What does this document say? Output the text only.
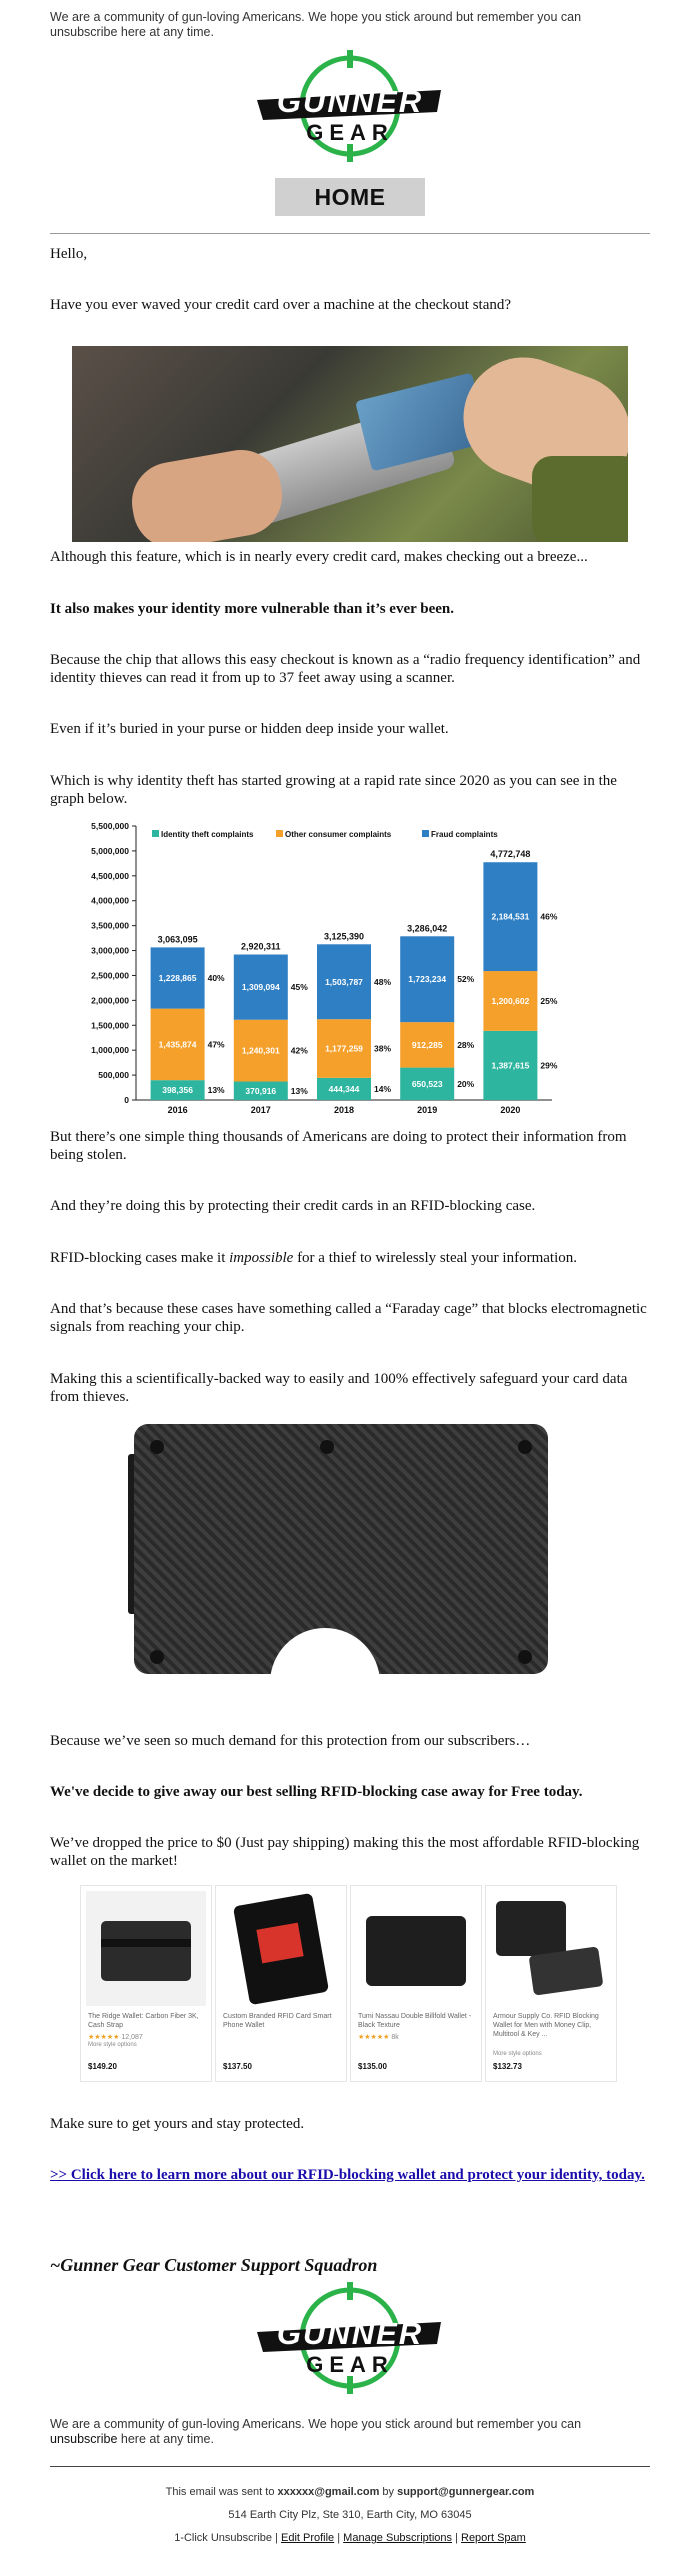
We are a community of gun-loving Americans. We hope you stick around but remember you can unsubscribe here at any time.
GUNNER
GEAR
HOME

Hello,

Have you ever waved your credit card over a machine at the checkout stand?

Although this feature, which is in nearly every credit card, makes checking out a breeze...

It also makes your identity more vulnerable than it’s ever been.

Because the chip that allows this easy checkout is known as a “radio frequency identification” and identity thieves can read it from up to 37 feet away using a scanner.

Even if it’s buried in your purse or hidden deep inside your wallet.

Which is why identity theft has started growing at a rapid rate since 2020 as you can see in the graph below.

0
500,000
1,000,000
1,500,000
2,000,000
2,500,000
3,000,000
3,500,000
4,000,000
4,500,000
5,000,000
5,500,000
Identity theft complaints	Other consumer complaints	Fraud complaints
398,356 13%
1,435,874 47%
1,228,865 40%
3,063,095
2016
370,916 13%
1,240,301 42%
1,309,094 45%
2,920,311
2017
444,344 14%
1,177,259 38%
1,503,787 48%
3,125,390
2018
650,523 20%
912,285 28%
1,723,234 52%
3,286,042
2019
1,387,615 29%
1,200,602 25%
2,184,531 46%
4,772,748
2020

But there’s one simple thing thousands of Americans are doing to protect their information from being stolen.

And they’re doing this by protecting their credit cards in an RFID-blocking case.

RFID-blocking cases make it impossible for a thief to wirelessly steal your information.

And that’s because these cases have something called a “Faraday cage” that blocks electromagnetic signals from reaching your chip.

Making this a scientifically-backed way to easily and 100% effectively safeguard your card data from thieves.

Because we’ve seen so much demand for this protection from our subscribers…

We've decide to give away our best selling RFID-blocking case away for Free today.

We’ve dropped the price to $0 (Just pay shipping) making this the most affordable RFID-blocking wallet on the market!

The Ridge Wallet: Carbon Fiber 3K, Cash Strap
★★★★★ 12,087
More style options
$149.20
Custom Branded RFID Card Smart Phone Wallet
$137.50
Tumi Nassau Double Billfold Wallet - Black Texture
★★★★★ 8k
$135.00
Armour Supply Co. RFID Blocking Wallet for Men with Money Clip, Multitool & Key ...
More style options
$132.73

Make sure to get yours and stay protected.

>> Click here to learn more about our RFID-blocking wallet and protect your identity, today.
~Gunner Gear Customer Support Squadron
GUNNER
GEAR
We are a community of gun-loving Americans. We hope you stick around but remember you can unsubscribe here at any time.
This email was sent to xxxxxx@gmail.com by support@gunnergear.com
514 Earth City Plz, Ste 310, Earth City, MO 63045
1-Click Unsubscribe | Edit Profile | Manage Subscriptions | Report Spam
